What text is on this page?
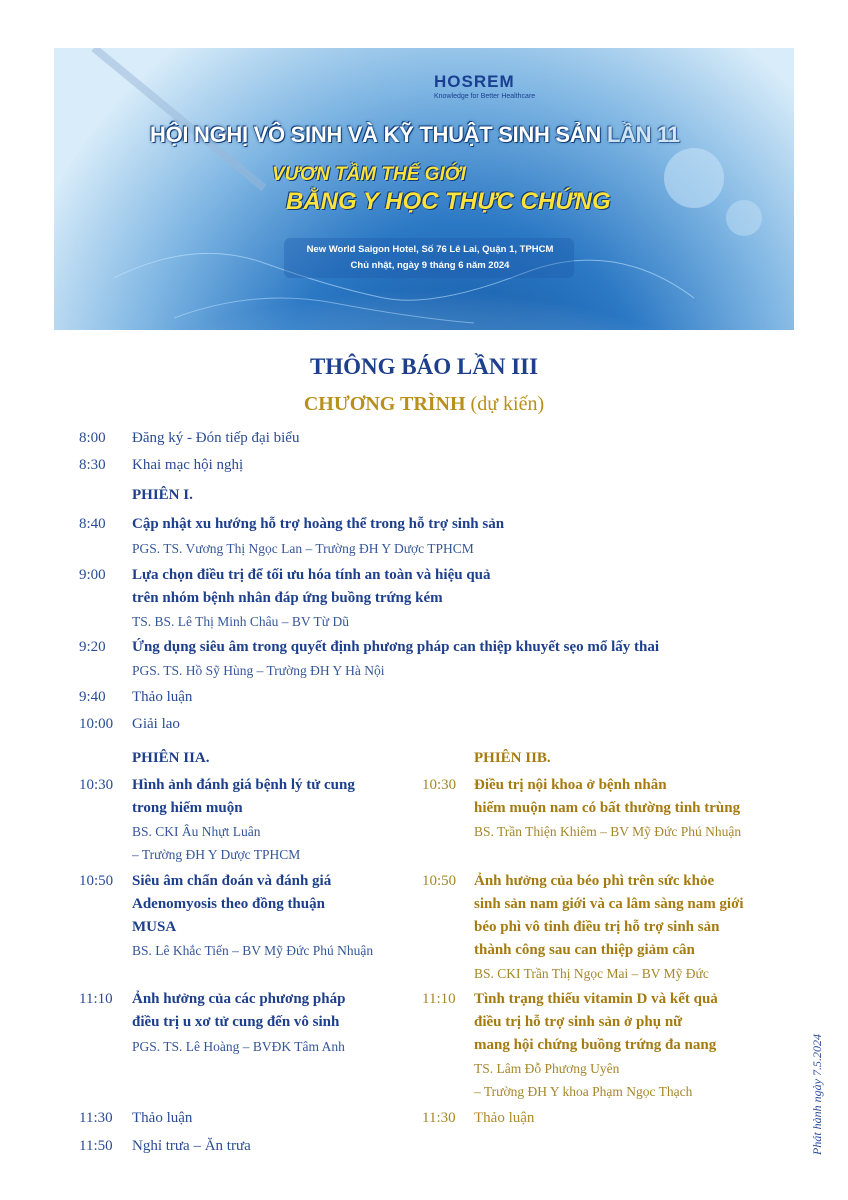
HOSREM
Knowledge for Better Healthcare
HỘI NGHỊ VÔ SINH VÀ KỸ THUẬT SINH SẢN LẦN 11
VƯƠN TẦM THẾ GIỚI
BẰNG Y HỌC THỰC CHỨNG
New World Saigon Hotel, Số 76 Lê Lai, Quận 1, TPHCM
Chủ nhật, ngày 9 tháng 6 năm 2024
THÔNG BÁO LẦN III
CHƯƠNG TRÌNH (dự kiến)
8:00 Đăng ký - Đón tiếp đại biểu
8:30 Khai mạc hội nghị
PHIÊN I.
8:40 Cập nhật xu hướng hỗ trợ hoàng thể trong hỗ trợ sinh sản
PGS. TS. Vương Thị Ngọc Lan – Trường ĐH Y Dược TPHCM
9:00 Lựa chọn điều trị để tối ưu hóa tính an toàn và hiệu quả
trên nhóm bệnh nhân đáp ứng buồng trứng kém
TS. BS. Lê Thị Minh Châu – BV Từ Dũ
9:20 Ứng dụng siêu âm trong quyết định phương pháp can thiệp khuyết sẹo mổ lấy thai
PGS. TS. Hồ Sỹ Hùng – Trường ĐH Y Hà Nội
9:40 Thảo luận
10:00 Giải lao
PHIÊN IIA.
10:30 Hình ảnh đánh giá bệnh lý tử cung
trong hiếm muộn
BS. CKI Âu Nhựt Luân
– Trường ĐH Y Dược TPHCM
10:50 Siêu âm chẩn đoán và đánh giá
Adenomyosis theo đồng thuận
MUSA
BS. Lê Khắc Tiến – BV Mỹ Đức Phú Nhuận
11:10 Ảnh hưởng của các phương pháp
điều trị u xơ tử cung đến vô sinh
PGS. TS. Lê Hoàng – BVĐK Tâm Anh
11:30 Thảo luận
PHIÊN IIB.
10:30 Điều trị nội khoa ở bệnh nhân
hiếm muộn nam có bất thường tinh trùng
BS. Trần Thiện Khiêm – BV Mỹ Đức Phú Nhuận
10:50 Ảnh hưởng của béo phì trên sức khỏe
sinh sản nam giới và ca lâm sàng nam giới
béo phì vô tinh điều trị hỗ trợ sinh sản
thành công sau can thiệp giảm cân
BS. CKI Trần Thị Ngọc Mai – BV Mỹ Đức
11:10 Tình trạng thiếu vitamin D và kết quả
điều trị hỗ trợ sinh sản ở phụ nữ
mang hội chứng buồng trứng đa nang
TS. Lâm Đỗ Phương Uyên
– Trường ĐH Y khoa Phạm Ngọc Thạch
11:30 Thảo luận
11:50 Nghỉ trưa – Ăn trưa	Phát hành ngày 7.5.2024
